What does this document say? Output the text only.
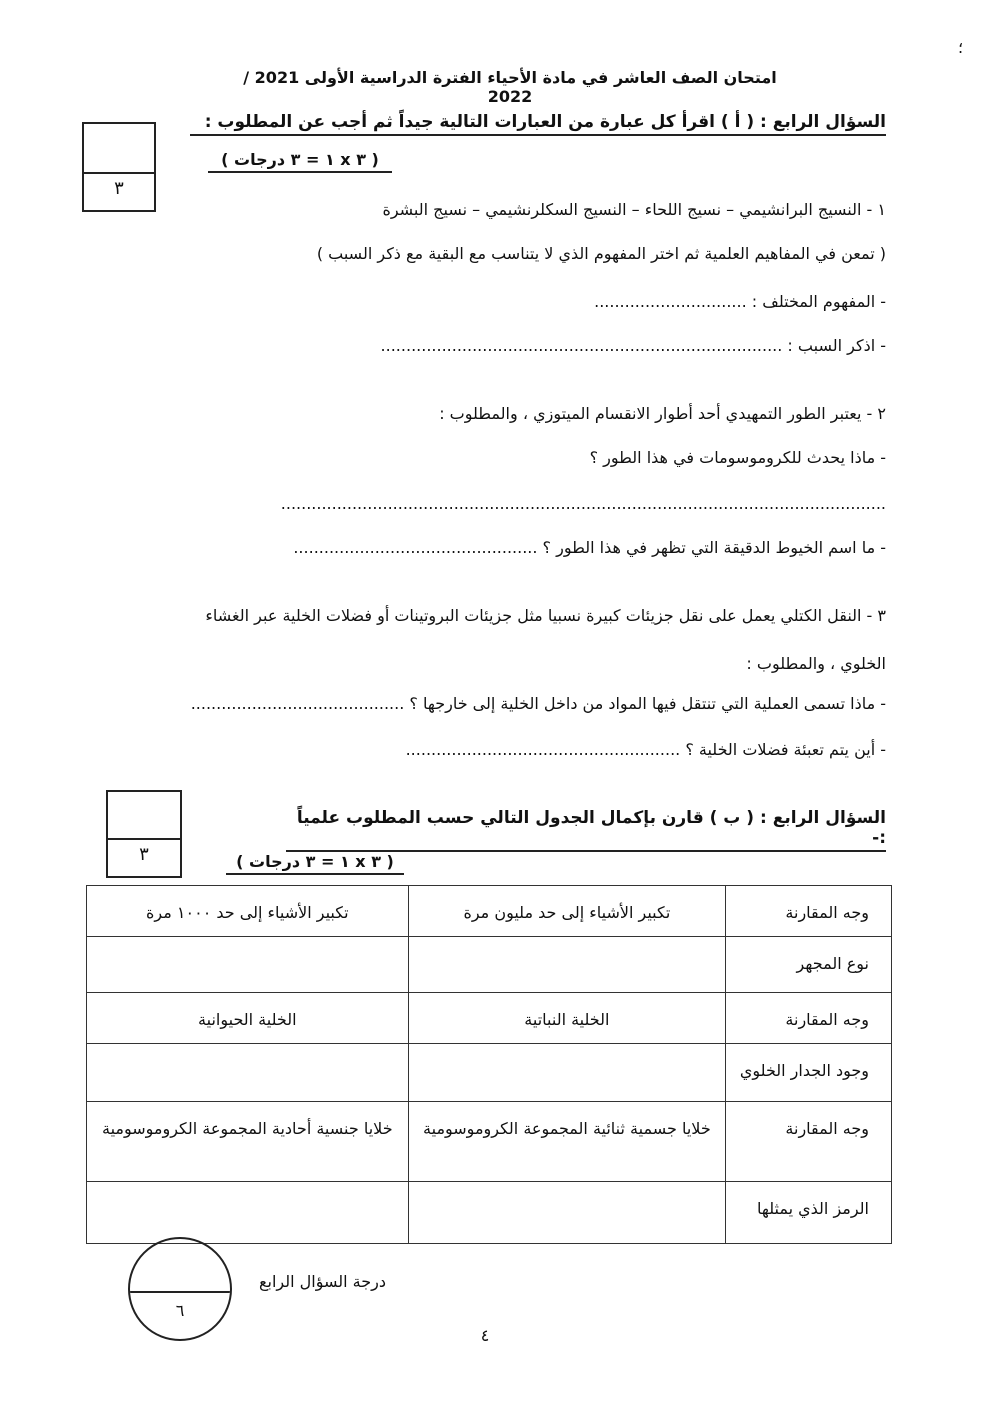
امتحان الصف العاشر في مادة الأحياء الفترة الدراسية الأولى 2021 / 2022
؛
٣
السؤال الرابع : ( أ ) اقرأ كل عبارة من العبارات التالية جيداً ثم أجب عن المطلوب :
( ٣ x ١ = ٣ درجات )
١ - النسيج البرانشيمي – نسيج اللحاء – النسيج السكلرنشيمي – نسيج البشرة
( تمعن في المفاهيم العلمية ثم اختر المفهوم الذي لا يتناسب مع البقية مع ذكر السبب )
- المفهوم المختلف : ..............................
- اذكر السبب : ...............................................................................
٢ - يعتبر الطور التمهيدي أحد أطوار الانقسام الميتوزي ، والمطلوب :
- ماذا يحدث للكروموسومات في هذا الطور ؟
.......................................................................................................................
- ما اسم الخيوط الدقيقة التي تظهر في هذا الطور ؟ ................................................
٣ - النقل الكتلي يعمل على نقل جزيئات كبيرة نسبيا مثل جزيئات البروتينات أو فضلات الخلية عبر الغشاء
الخلوي ، والمطلوب :
- ماذا تسمى العملية التي تنتقل فيها المواد من داخل الخلية إلى خارجها ؟ ..........................................
- أين يتم تعبئة فضلات الخلية ؟ ......................................................
٣
السؤال الرابع : ( ب ) قارن بإكمال الجدول التالي حسب المطلوب علمياً :-
( ٣ x ١ = ٣ درجات )
وجه المقارنة	تكبير الأشياء إلى حد مليون مرة	تكبير الأشياء إلى حد ١٠٠٠ مرة
نوع المجهر		
وجه المقارنة	الخلية النباتية	الخلية الحيوانية
وجود الجدار الخلوي		
وجه المقارنة	خلايا جسمية ثنائية المجموعة الكروموسومية	خلايا جنسية أحادية المجموعة الكروموسومية
الرمز الذي يمثلها		
٦
درجة السؤال الرابع
٤
